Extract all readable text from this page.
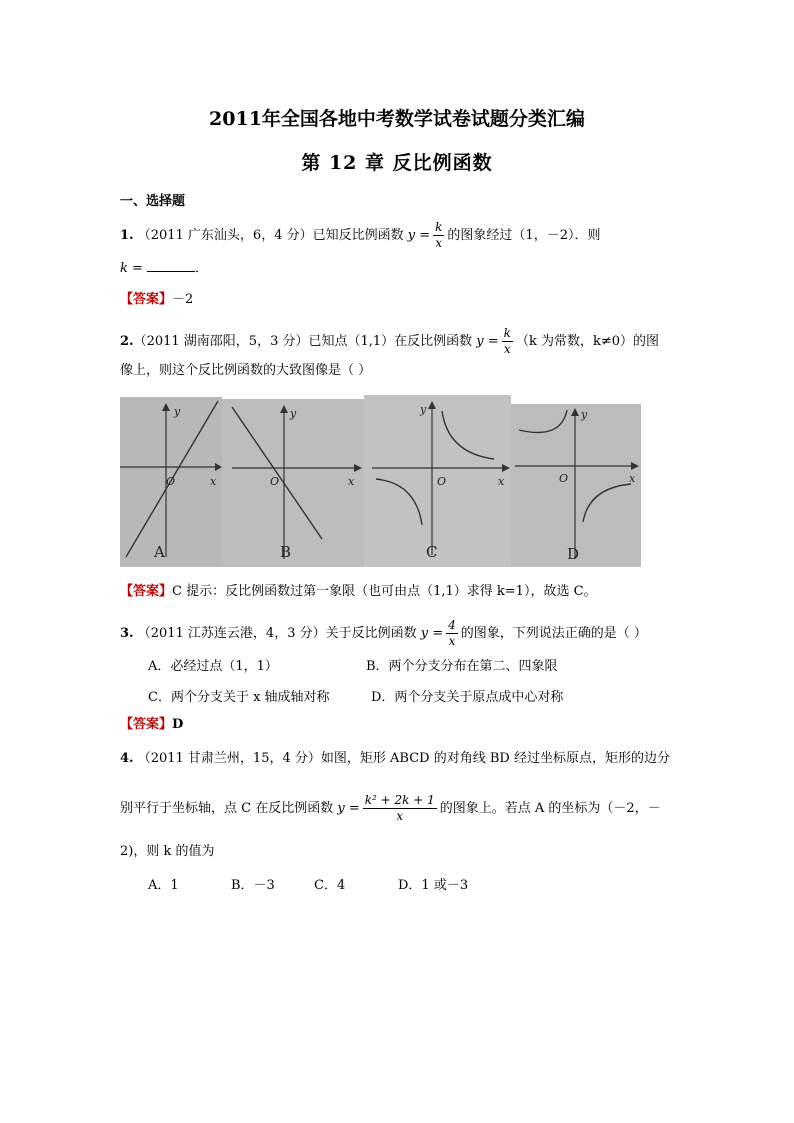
2011年全国各地中考数学试卷试题分类汇编
第 12 章 反比例函数
一、选择题
1. （2011 广东汕头，6，4 分）已知反比例函数 $y = \frac{k}{x}$ 的图象经过（1，－2）．则
k =	．
【答案】－2
2.（2011 湖南邵阳，5，3 分）已知点（1,1）在反比例函数 $y = \frac{k}{x} (k$ 为常数，k≠0）的图
像上，则这个反比例函数的大致图像是（ ）
y
O	x
A
y
O	x
B
y
O	x
C
y
O	x
D
【答案】C 提示：反比例函数过第一象限（也可由点（1,1）求得 k=1），故选 C。
3. （2011 江苏连云港，4，3 分）关于反比例函数 $y = \frac{4}{x}$ 的图象，下列说法正确的是（ ）
A．必经过点（1，1）	B．两个分支分布在第二、四象限
C．两个分支关于 x 轴成轴对称	D．两个分支关于原点成中心对称
【答案】D
4. （2011 甘肃兰州，15，4 分）如图，矩形 ABCD 的对角线 BD 经过坐标原点，矩形的边分
别平行于坐标轴，点 C 在反比例函数 $y = \frac{\text{k² + 2k + 1}}{x}$ 的图象上。若点 A 的坐标为（－2，－
2)，则 k 的值为
A．1	B．－3	C．4	D．1 或－3
